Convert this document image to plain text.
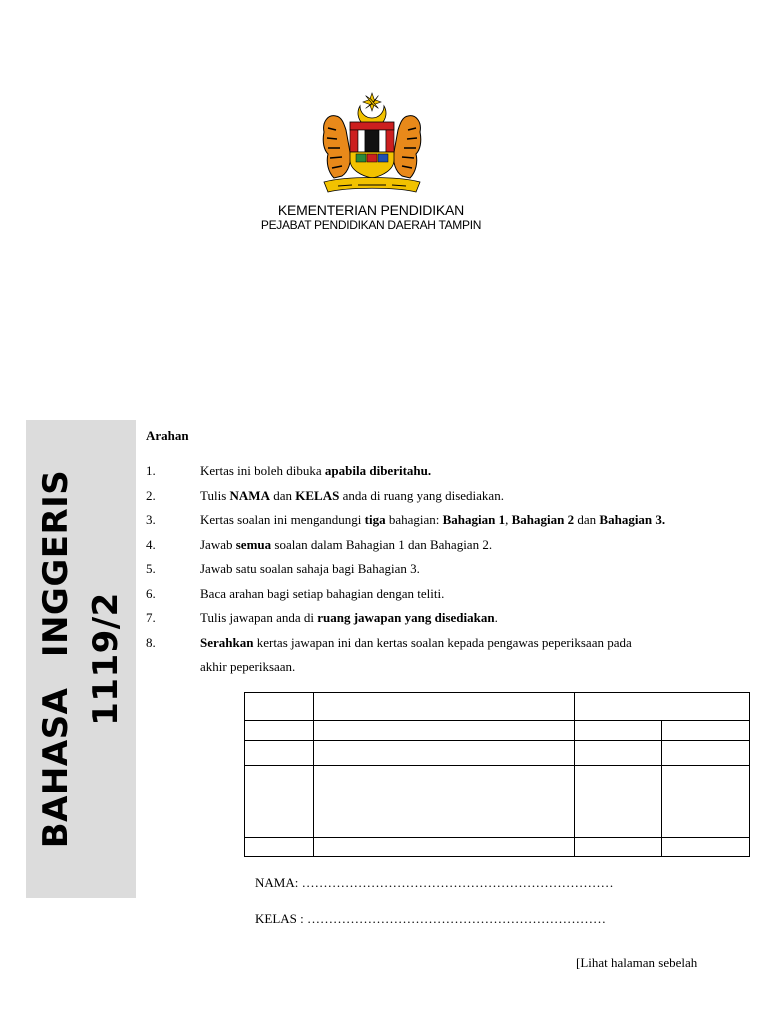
KEMENTERIAN PENDIDIKAN
PEJABAT PENDIDIKAN DAERAH TAMPIN
BAHASA INGGERIS 1119/2
Arahan
1.	Kertas ini boleh dibuka apabila diberitahu.
2.	Tulis NAMA dan KELAS anda di ruang yang disediakan.
3.	Kertas soalan ini mengandungi tiga bahagian: Bahagian 1, Bahagian 2 dan Bahagian 3.
4.	Jawab semua soalan dalam Bahagian 1 dan Bahagian 2.
5.	Jawab satu soalan sahaja bagi Bahagian 3.
6.	Baca arahan bagi setiap bahagian dengan teliti.
7.	Tulis jawapan anda di ruang jawapan yang disediakan.
8.	Serahkan kertas jawapan ini dan kertas soalan kepada pengawas peperiksaan pada
akhir peperiksaan.

NAMA: ………………………………………………………………
KELAS : ……………………………………………………………
[Lihat halaman sebelah
